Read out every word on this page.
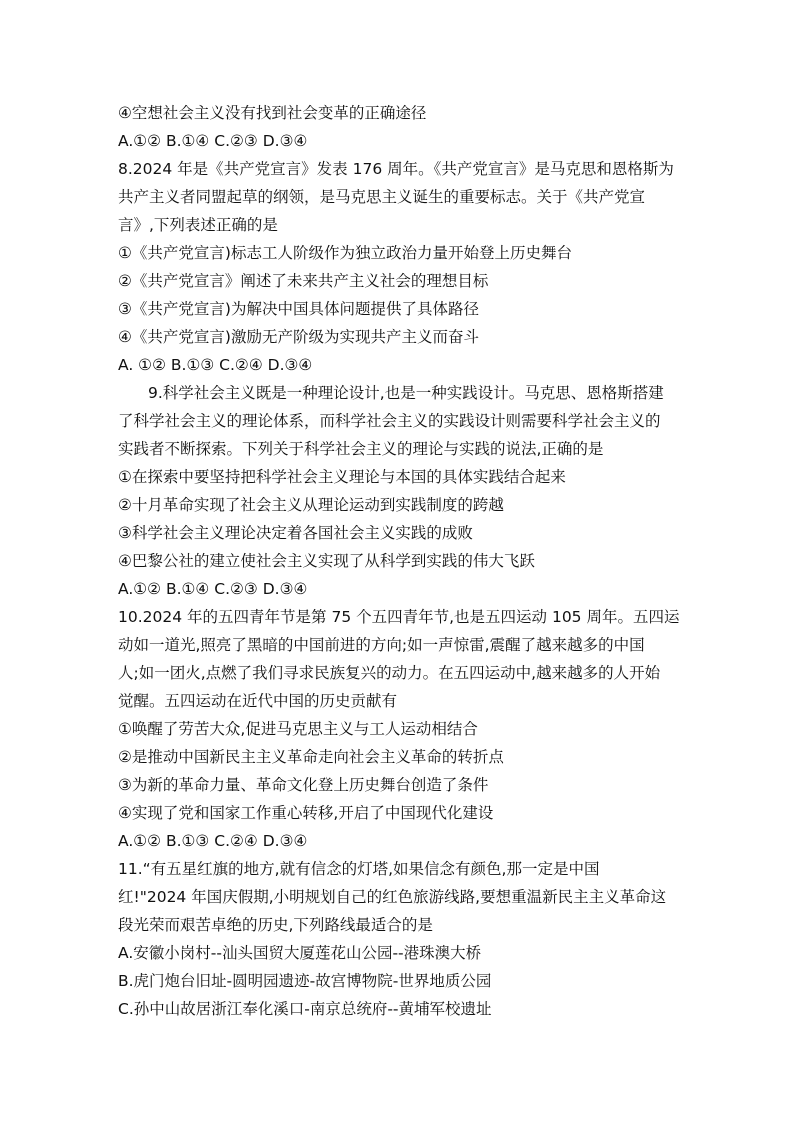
④空想社会主义没有找到社会变革的正确途径
A.①② B.①④ C.②③ D.③④
8.2024 年是《共产党宣言》发表 176 周年。《共产党宣言》是马克思和恩格斯为
共产主义者同盟起草的纲领，是马克思主义诞生的重要标志。关于《共产党宣
言》,下列表述正确的是
①《共产党宣言)标志工人阶级作为独立政治力量开始登上历史舞台
②《共产党宣言》阐述了未来共产主义社会的理想目标
③《共产党宣言)为解决中国具体问题提供了具体路径
④《共产党宣言)激励无产阶级为实现共产主义而奋斗
A. ①② B.①③ C.②④ D.③④
9.科学社会主义既是一种理论设计,也是一种实践设计。马克思、恩格斯搭建
了科学社会主义的理论体系，而科学社会主义的实践设计则需要科学社会主义的
实践者不断探索。下列关于科学社会主义的理论与实践的说法,正确的是
①在探索中要坚持把科学社会主义理论与本国的具体实践结合起来
②十月革命实现了社会主义从理论运动到实践制度的跨越
③科学社会主义理论决定着各国社会主义实践的成败
④巴黎公社的建立使社会主义实现了从科学到实践的伟大飞跃
A.①② B.①④ C.②③ D.③④
10.2024 年的五四青年节是第 75 个五四青年节,也是五四运动 105 周年。五四运
动如一道光,照亮了黑暗的中国前进的方向;如一声惊雷,震醒了越来越多的中国
人;如一团火,点燃了我们寻求民族复兴的动力。在五四运动中,越来越多的人开始
觉醒。五四运动在近代中国的历史贡献有
①唤醒了劳苦大众,促进马克思主义与工人运动相结合
②是推动中国新民主主义革命走向社会主义革命的转折点
③为新的革命力量、革命文化登上历史舞台创造了条件
④实现了党和国家工作重心转移,开启了中国现代化建设
A.①② B.①③ C.②④ D.③④
11.“有五星红旗的地方,就有信念的灯塔,如果信念有颜色,那一定是中国
红!"2024 年国庆假期,小明规划自己的红色旅游线路,要想重温新民主主义革命这
段光荣而艰苦卓绝的历史,下列路线最适合的是
A.安徽小岗村--汕头国贸大厦莲花山公园--港珠澳大桥
B.虎门炮台旧址-圆明园遗迹-故宫博物院-世界地质公园
C.孙中山故居浙江奉化溪口-南京总统府--黄埔军校遗址
